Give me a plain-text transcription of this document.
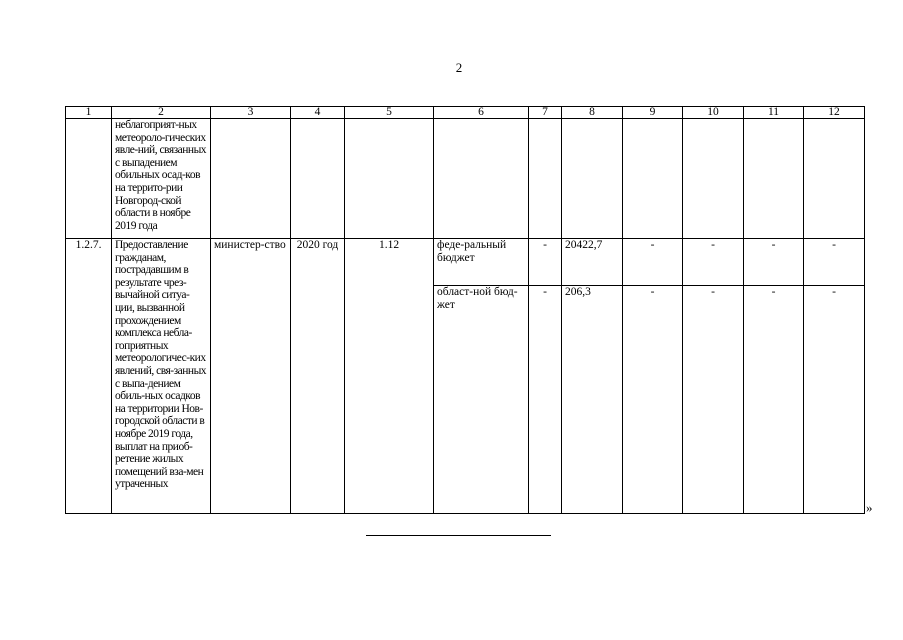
2
1	2	3	4	5	6	7	8	9	10	11	12
	неблагоприят-ных метеороло-гических явле-ний, связанных с выпадением обильных осад-ков на террито-рии Новгород-ской области в ноябре 2019 года										
1.2.7.	Предоставление гражданам, пострадавшим в результате чрез-вычайной ситуа-ции, вызванной прохождением комплекса небла-гоприятных метеорологичес-ких явлений, свя-занных с выпа-дением обиль-ных осадков на территории Нов-городской области в ноябре 2019 года, выплат на приоб-ретение жилых помещений вза-мен утраченных	министер-ство	2020 год	1.12	феде-ральный бюджет	-	20422,7	-	-	-	-
					област-ной бюд-жет	-	206,3	-	-	-	-
»
